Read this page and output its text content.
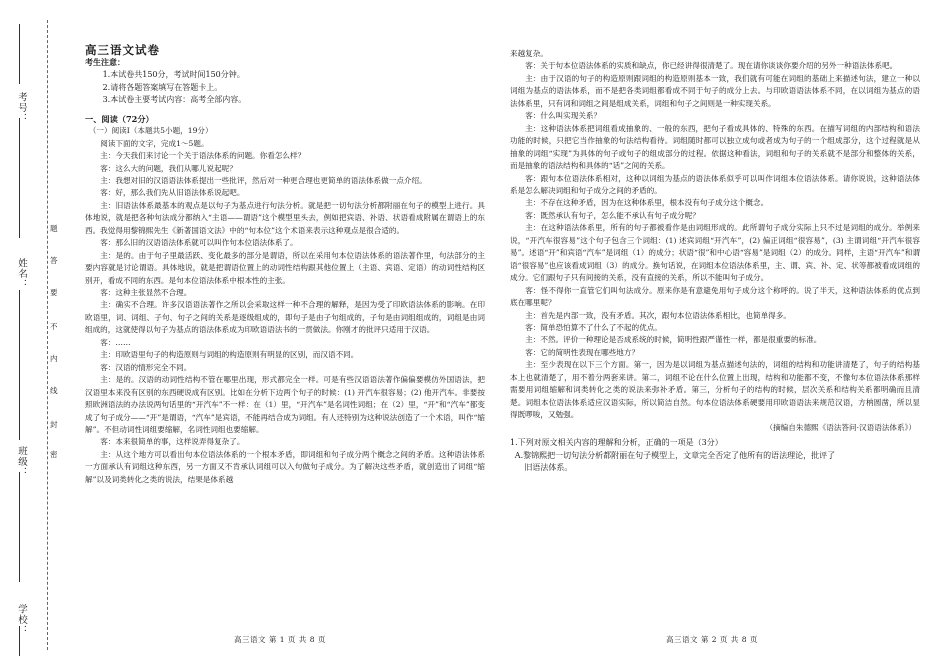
考号：
姓名：
班级：
学校：
密
封
线
内
不
要
答
题

高三语文试卷

考生注意：

1.本试卷共150分，考试时间150分钟。

2.请将各题答案填写在答题卡上。

3.本试卷主要考试内容：高考全部内容。

一、阅读（72分）

（一）阅读Ⅰ（本题共5小题，19分）

阅读下面的文字，完成1～5题。

主：今天我们来讨论一个关于语法体系的问题。你看怎么样？

客：这么大的问题，我们从哪儿说起呢？

主：我想对旧的汉语语法体系提出一些批评，然后对一种更合理也更简单的语法体系做一点介绍。

客：好，那么我们先从旧语法体系说起吧。

主：旧语法体系最基本的观点是以句子为基点进行句法分析。就是把一切句法分析都附丽在句子的模型上进行。具体地说，就是把各种句法成分都纳入“主语——谓语”这个模型里头去，例如把宾语、补语、状语看成附属在谓语上的东西。我觉得用黎锦熙先生《新著国语文法》中的“句本位”这个术语来表示这种观点是很合适的。

客：那么旧的汉语语法体系就可以叫作句本位语法体系了。

主：是的。由于句子里最活跃、变化最多的部分是谓语，所以在采用句本位语法体系的语法著作里，句法部分的主要内容就是讨论谓语。具体地说，就是把谓语位置上的动词性结构跟其他位置上（主语、宾语、定语）的动词性结构区别开，看成不同的东西。是句本位语法体系中根本性的主张。

客：这种主张显然不合理。

主：确实不合理。许多汉语语法著作之所以会采取这样一种不合理的解释，是因为受了印欧语法体系的影响。在印欧语里，词、词组、子句、句子之间的关系是逐级组成的，即句子是由子句组成的，子句是由词组组成的，词组是由词组成的，这就使得以句子为基点的语法体系成为印欧语语法书的一贯做法。你刚才的批评只适用于汉语。

客：……

主：印欧语里句子的构造原则与词组的构造原则有明显的区别，而汉语不同。

客：汉语的情形完全不同。

主：是的。汉语的动词性结构不管在哪里出现，形式都完全一样。可是有些汉语语法著作偏偏要模仿外国语法，把汉语里本来没有区别的东西硬说成有区别。比如在分析下边两个句子的时候：(1) 开汽车很容易；(2) 他开汽车。非要按照欧洲语法的办法说两句话里的“开汽车”不一样：在（1）里，“开汽车”是名词性词组；在（2）里，“开”和“汽车”都变成了句子成分——“开”是谓语，“汽车”是宾语，不能再结合成为词组。有人还特别为这种说法创造了一个术语，叫作“缩解”。不但动词性词组要缩解，名词性词组也要缩解。

客：本来很简单的事，这样说弄得复杂了。

主：从这个地方可以看出句本位语法体系的一个根本矛盾，即词组和句子成分两个概念之间的矛盾。这种语法体系一方面承认有词组这种东西，另一方面又不肯承认词组可以入句做句子成分。为了解决这些矛盾，就创造出了词组“缩解”以及词类转化之类的说法，结果是体系越

来越复杂。

客：关于句本位语法体系的实质和缺点，你已经讲得很清楚了。现在请你谈谈你要介绍的另外一种语法体系吧。

主：由于汉语的句子的构造原则跟词组的构造原则基本一致，我们就有可能在词组的基础上来描述句法，建立一种以词组为基点的语法体系，而不是把各类词组都看成不同于句子的成分上去。与印欧语语法体系不同，在以词组为基点的语法体系里，只有词和词组之间是组成关系，词组和句子之间则是一种实现关系。

客：什么叫实现关系？

主：这种语法体系把词组看成抽象的、一般的东西，把句子看成具体的、特殊的东西。在描写词组的内部结构和语法功能的时候，只把它当作抽象的句法结构看待。词组随时都可以独立成句或者成为句子的一个组成部分，这个过程就是从抽象的词组“实现”为具体的句子或句子的组成部分的过程。依据这种看法，词组和句子的关系就不是部分和整体的关系，而是抽象的语法结构和具体的“话”之间的关系。

客：跟句本位语法体系相对，这种以词组为基点的语法体系似乎可以叫作词组本位语法体系。请你说说，这种语法体系是怎么解决词组和句子成分之间的矛盾的。

主：不存在这种矛盾，因为在这种体系里，根本没有句子成分这个概念。

客：既然承认有句子，怎么能不承认有句子成分呢？

主：在这种语法体系里，所有的句子都被看作是由词组形成的。此所谓句子成分实际上只不过是词组的成分。举例来说，“开汽车很容易”这个句子包含三个词组：(1) 述宾词组“开汽车”，(2) 偏正词组“很容易”，(3) 主谓词组“开汽车很容易”。述语“开”和宾语“汽车”是词组（1）的成分；状语“很”和中心语“容易”是词组（2）的成分。同样，主语“开汽车”和谓语“很容易”也应该看成词组（3）的成分。换句话说，在词组本位语法体系里，主、谓、宾、补、定、状等都被看成词组的成分。它们跟句子只有间接的关系，没有直接的关系，所以不能叫句子成分。

客：怪不得你一直管它们叫句法成分。原来你是有意避免用句子成分这个称呼的。说了半天，这种语法体系的优点到底在哪里呢？

主：首先是内部一致，没有矛盾。其次，跟句本位语法体系相比，也简单得多。

客：简单恐怕算不了什么了不起的优点。

主：不然。评价一种理论是否成系统的时候，简明性跟严谨性一样，都是很重要的标准。

客：它的简明性表现在哪些地方？

主：至少表现在以下三个方面。第一，因为是以词组为基点描述句法的，词组的结构和功能讲清楚了，句子的结构基本上也就清楚了，用不着分两套来讲。第二，词组不论在什么位置上出现，结构和功能都不变，不像句本位语法体系那样需要用词组缩解和词类转化之类的说法来弥补矛盾。第三，分析句子的结构的时候，层次关系和结构关系都明确而且清楚。词组本位语法体系适应汉语实际，所以简洁自然。句本位语法体系硬要用印欧语语法来规范汉语，方枘圆凿，所以显得既啰唆，又勉强。

（摘编自朱德熙《语法答问·汉语语法体系》）

1.下列对原文相关内容的理解和分析，正确的一项是（3分）

A.黎锦熙把一切句法分析都附丽在句子模型上，文章完全否定了他所有的语法理论，批评了

旧语法体系。

高三语文 第 1 页 共 8 页	高三语文 第 2 页 共 8 页
